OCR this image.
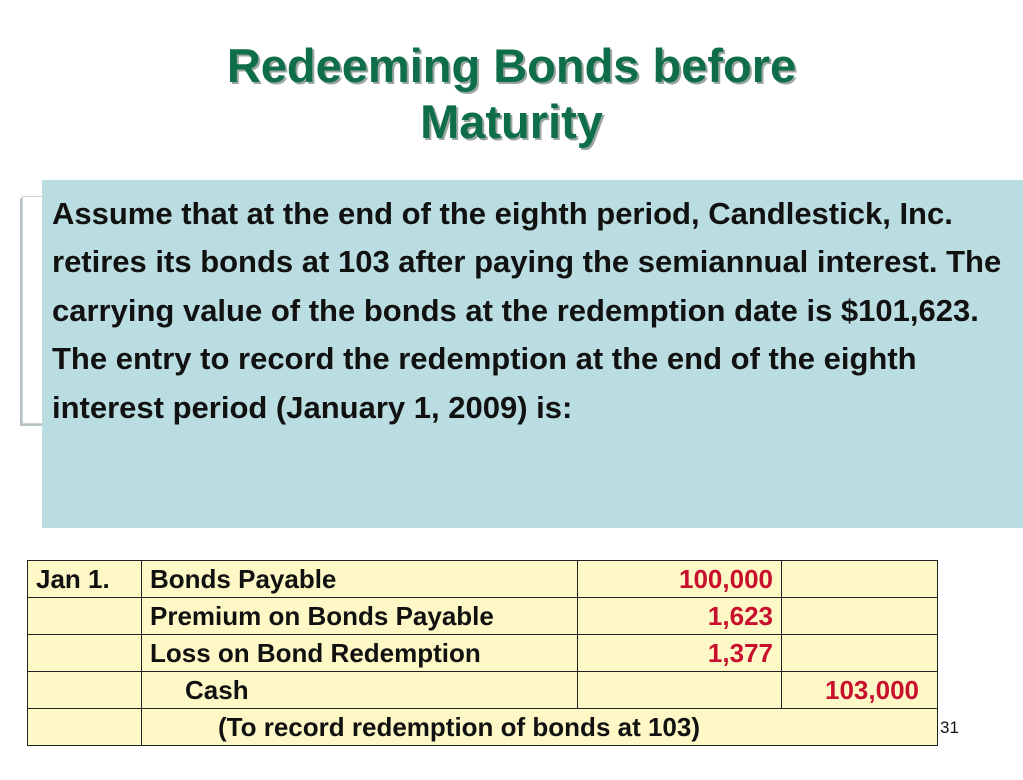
Redeeming Bonds before
Maturity

Assume that at the end of the eighth period, Candlestick, Inc. retires its bonds at 103 after paying the semiannual interest. The carrying value of the bonds at the redemption date is $101,623. The entry to record the redemption at the end of the eighth interest period (January 1, 2009) is:

Jan 1.	Bonds Payable	100,000	
	Premium on Bonds Payable	1,623	
	Loss on Bond Redemption	1,377	
	Cash		103,000
	(To record redemption of bonds at 103)			31
